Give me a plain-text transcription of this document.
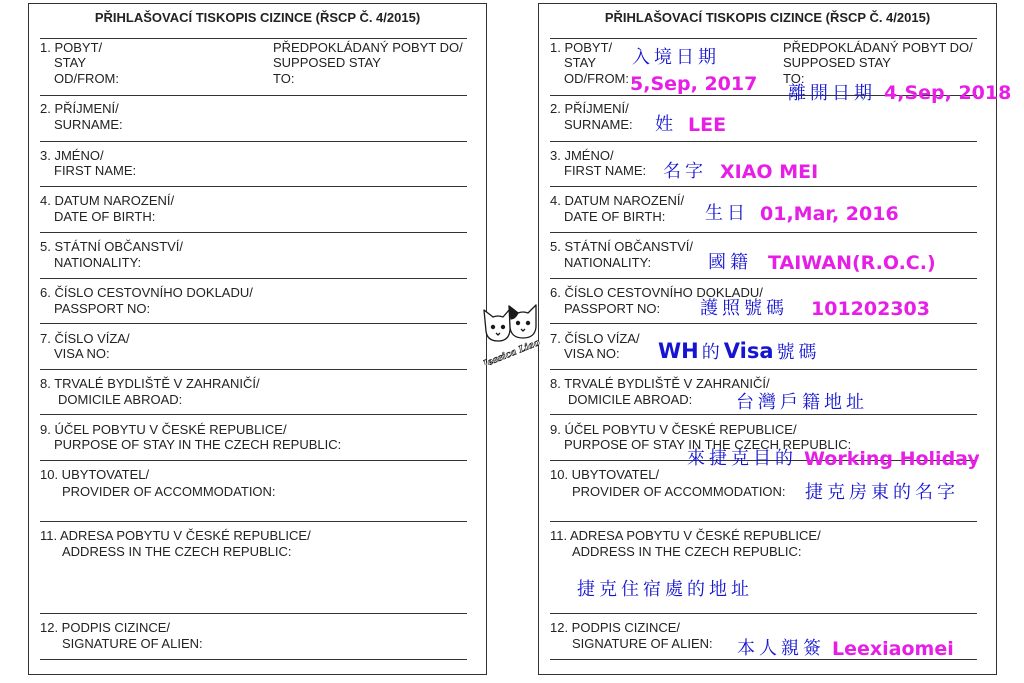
PŘIHLAŠOVACÍ TISKOPIS CIZINCE (ŘSCP Č. 4/2015)
1. POBYT/
STAY
OD/FROM:
PŘEDPOKLÁDANÝ POBYT DO/
SUPPOSED STAY
TO:
2. PŘÍJMENÍ/
SURNAME:
3. JMÉNO/
FIRST NAME:
4. DATUM NAROZENÍ/
DATE OF BIRTH:
5. STÁTNÍ OBČANSTVÍ/
NATIONALITY:
6. ČÍSLO CESTOVNÍHO DOKLADU/
PASSPORT NO:
7. ČÍSLO VÍZA/
VISA NO:
8. TRVALÉ BYDLIŠTĚ V ZAHRANIČÍ/
DOMICILE ABROAD:
9. ÚČEL POBYTU V ČESKÉ REPUBLICE/
PURPOSE OF STAY IN THE CZECH REPUBLIC:
10. UBYTOVATEL/
PROVIDER OF ACCOMMODATION:
11. ADRESA POBYTU V ČESKÉ REPUBLICE/
ADDRESS IN THE CZECH REPUBLIC:
12. PODPIS CIZINCE/
SIGNATURE OF ALIEN:
PŘIHLAŠOVACÍ TISKOPIS CIZINCE (ŘSCP Č. 4/2015)
1. POBYT/
STAY
OD/FROM:
PŘEDPOKLÁDANÝ POBYT DO/
SUPPOSED STAY
TO:
2. PŘÍJMENÍ/
SURNAME:
3. JMÉNO/
FIRST NAME:
4. DATUM NAROZENÍ/
DATE OF BIRTH:
5. STÁTNÍ OBČANSTVÍ/
NATIONALITY:
6. ČÍSLO CESTOVNÍHO DOKLADU/
PASSPORT NO:
7. ČÍSLO VÍZA/
VISA NO:
8. TRVALÉ BYDLIŠTĚ V ZAHRANIČÍ/
DOMICILE ABROAD:
9. ÚČEL POBYTU V ČESKÉ REPUBLICE/
PURPOSE OF STAY IN THE CZECH REPUBLIC:
10. UBYTOVATEL/
PROVIDER OF ACCOMMODATION:
11. ADRESA POBYTU V ČESKÉ REPUBLICE/
ADDRESS IN THE CZECH REPUBLIC:
12. PODPIS CIZINCE/
SIGNATURE OF ALIEN:
Jessica Liao
入境日期
5,Sep, 2017 離開日期 4,Sep, 2018
姓 LEE
名字 XIAO MEI
生日 01,Mar, 2016
國籍 TAIWAN(R.O.C.)
護照號碼 101202303
WH 的Visa 號碼
台灣戶籍地址
來捷克目的 Working Holiday
捷克房東的名字
捷克住宿處的地址
本人親簽 Leexiaomei
